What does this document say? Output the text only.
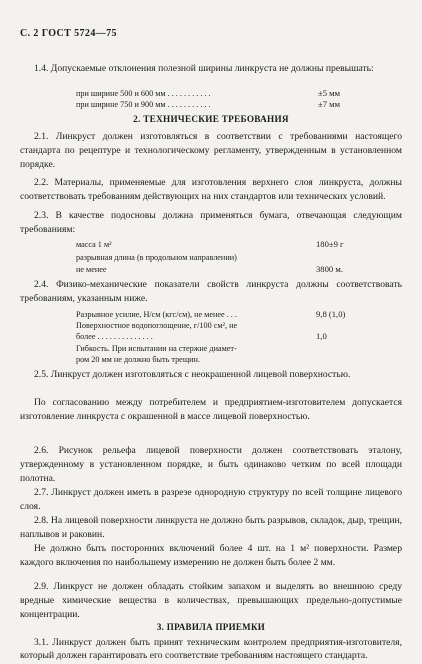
С. 2 ГОСТ 5724—75

1.4. Допускаемые отклонения полезной ширины линкруста не должны превышать:

при ширине 500 и 600 мм . . . . . . . . . . .	±5 мм
при ширине 750 и 900 мм . . . . . . . . . . .	±7 мм
2. ТЕХНИЧЕСКИЕ ТРЕБОВАНИЯ

2.1. Линкруст должен изготовляться в соответствии с требованиями настоящего стандарта по рецептуре и технологическому регламенту, утвержденным в установленном порядке.

2.2. Материалы, применяемые для изготовления верхнего слоя линкруста, должны соответствовать требованиям действующих на них стандартов или технических условий.

2.3. В качестве подосновы должна применяться бумага, отвечающая следующим требованиям:

масса 1 м²	180±9 г
разрывная длина (в продольном направлении)
не менее	3800 м.

2.4. Физико-механические показатели свойств линкруста должны соответствовать требованиям, указанным ниже.

Разрывное усилие, Н/см (кгс/см), не менее . . .	9,8 (1,0)
Поверхностное водопоглощение, г/100 см², не
более . . . . . . . . . . . . . .	1,0
Гибкость. При испытании на стержне диамет-
ром 20 мм не должно быть трещин.

2.5. Линкруст должен изготовляться с неокрашенной лицевой поверхностью.

По согласованию между потребителем и предприятием-изготовителем допускается изготовление линкруста с окрашенной в массе лицевой поверхностью.

2.6. Рисунок рельефа лицевой поверхности должен соответствовать эталону, утвержденному в установленном порядке, и быть одинаково четким по всей площади полотна.

2.7. Линкруст должен иметь в разрезе однородную структуру по всей толщине лицевого слоя.

2.8. На лицевой поверхности линкруста не должно быть разрывов, складок, дыр, трещин, наплывов и раковин.

Не должно быть посторонних включений более 4 шт. на 1 м² поверхности. Размер каждого включения по наибольшему измерению не должен быть более 2 мм.

2.9. Линкруст не должен обладать стойким запахом и выделять во внешнюю среду вредные химические вещества в количествах, превышающих предельно-допустимые концентрации.

3. ПРАВИЛА ПРИЕМКИ

3.1. Линкруст должен быть принят техническим контролем предприятия-изготовителя, который должен гарантировать его соответствие требованиям настоящего стандарта.
